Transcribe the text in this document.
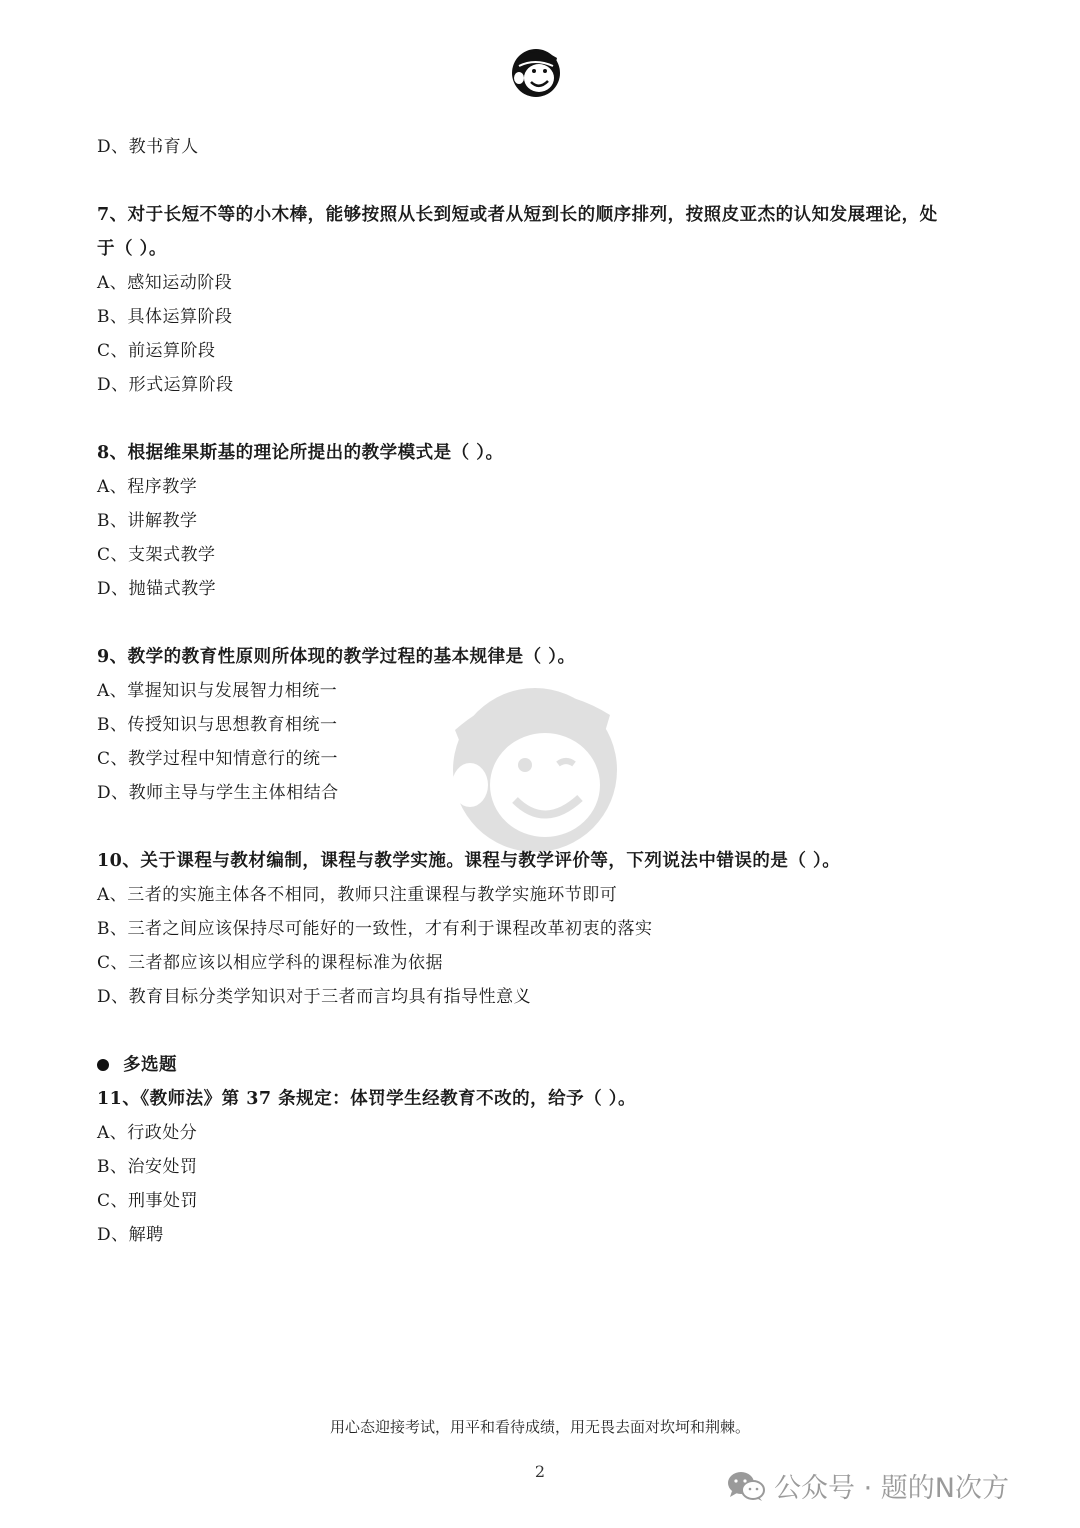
D、教书育人
7、对于长短不等的小木棒，能够按照从长到短或者从短到长的顺序排列，按照皮亚杰的认知发展理论，处
于（ ）。
A、感知运动阶段
B、具体运算阶段
C、前运算阶段
D、形式运算阶段
8、根据维果斯基的理论所提出的教学模式是（ ）。
A、程序教学
B、讲解教学
C、支架式教学
D、抛锚式教学
9、教学的教育性原则所体现的教学过程的基本规律是（ ）。
A、掌握知识与发展智力相统一
B、传授知识与思想教育相统一
C、教学过程中知情意行的统一
D、教师主导与学生主体相结合
10、关于课程与教材编制，课程与教学实施。课程与教学评价等，下列说法中错误的是（ ）。
A、三者的实施主体各不相同，教师只注重课程与教学实施环节即可
B、三者之间应该保持尽可能好的一致性，才有利于课程改革初衷的落实
C、三者都应该以相应学科的课程标准为依据
D、教育目标分类学知识对于三者而言均具有指导性意义
多选题
11、《教师法》第 37 条规定：体罚学生经教育不改的，给予（ ）。
A、行政处分
B、治安处罚
C、刑事处罚
D、解聘
用心态迎接考试，用平和看待成绩，用无畏去面对坎坷和荆棘。
2
公众号 · 题的N次方
